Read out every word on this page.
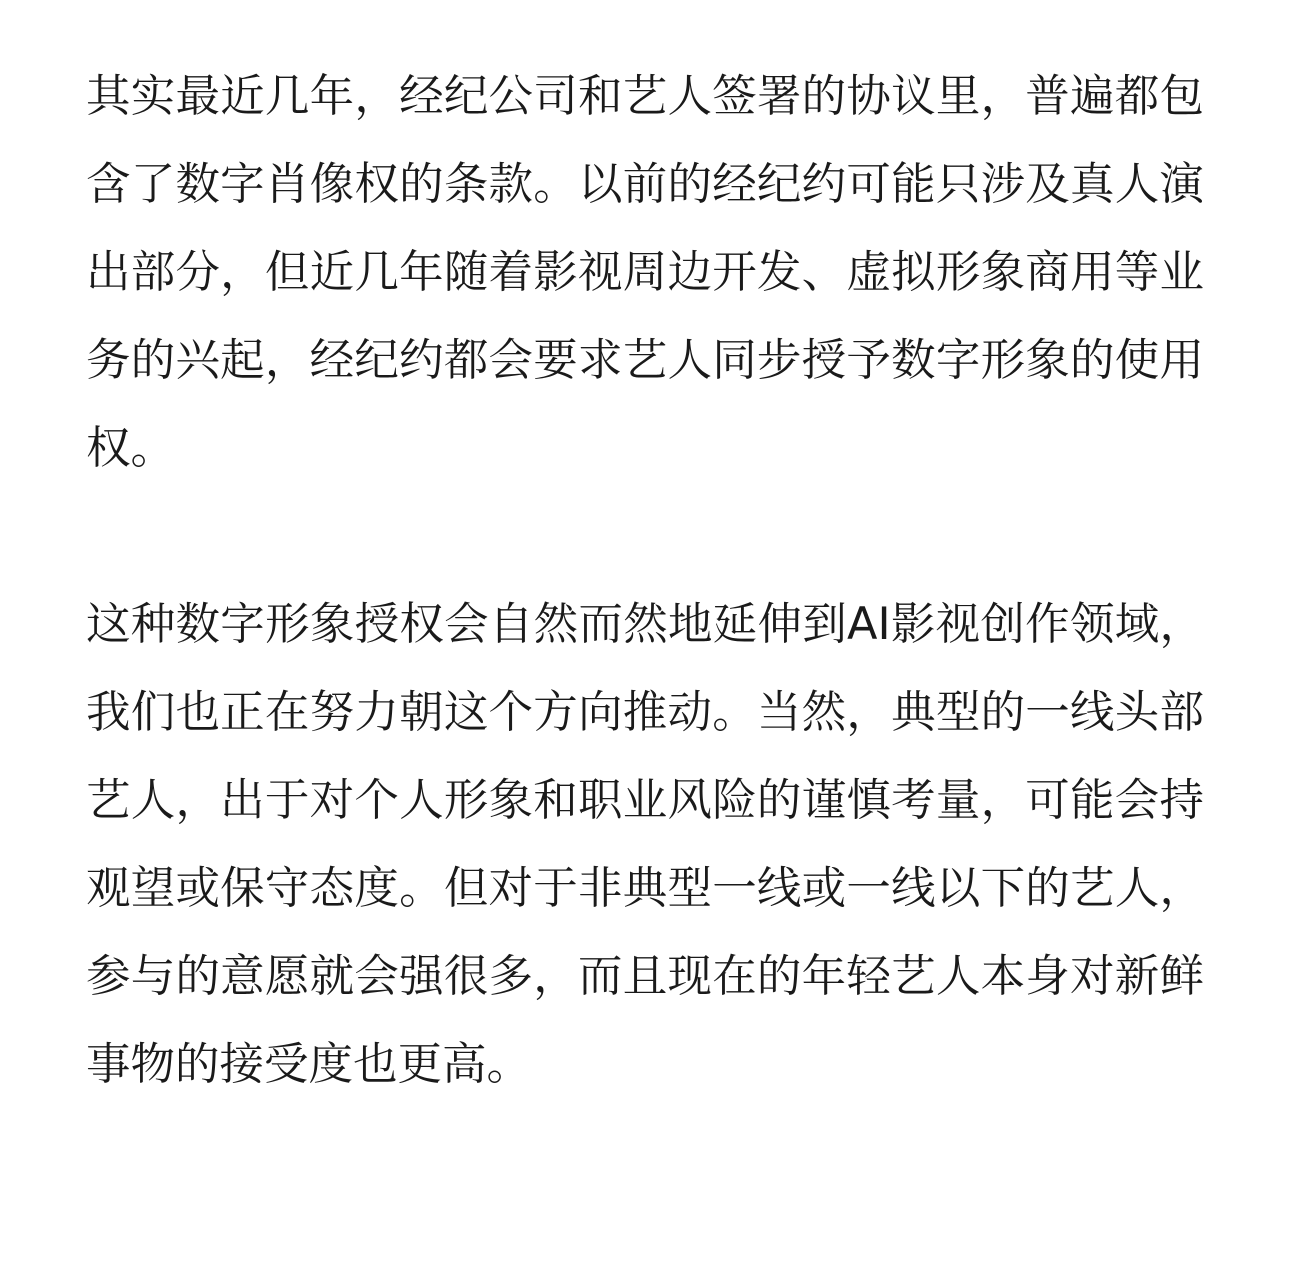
其实最近几年，经纪公司和艺人签署的协议里，普遍都包含了数字肖像权的条款。以前的经纪约可能只涉及真人演出部分，但近几年随着影视周边开发、虚拟形象商用等业务的兴起，经纪约都会要求艺人同步授予数字形象的使用权。

这种数字形象授权会自然而然地延伸到AI影视创作领域，我们也正在努力朝这个方向推动。当然，典型的一线头部艺人，出于对个人形象和职业风险的谨慎考量，可能会持观望或保守态度。但对于非典型一线或一线以下的艺人，参与的意愿就会强很多，而且现在的年轻艺人本身对新鲜事物的接受度也更高。
